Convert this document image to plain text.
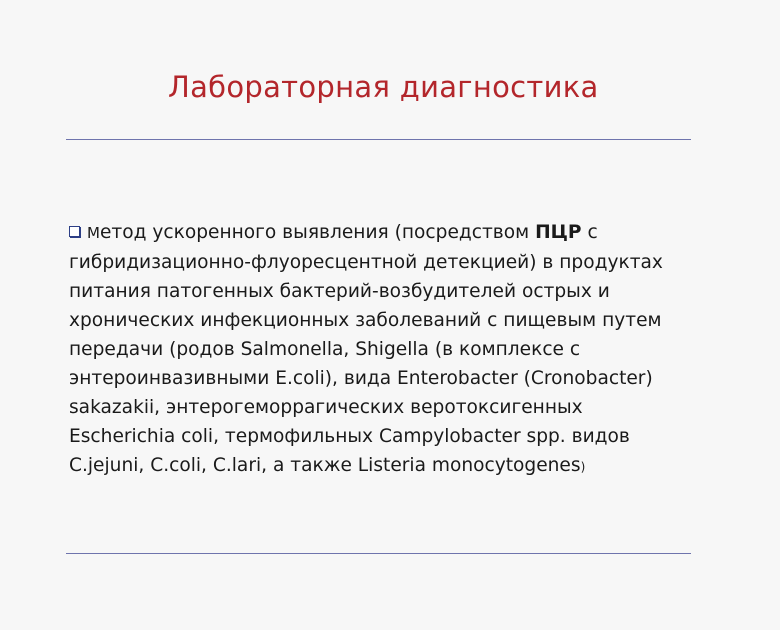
Лабораторная диагностика
Метод ускоренного выявления (посредством ПЦР с
гибридизационно-флуоресцентной детекцией) в продуктах
питания патогенных бактерий-возбудителей острых и
хронических инфекционных заболеваний с пищевым путем
передачи (родов Salmonella, Shigella (в комплексе с
энтероинвазивными E.coli), вида Enterobacter (Cronobacter)
sakazakii, энтерогеморрагических веротоксигенных
Escherichia coli, термофильных Campylobacter spp. видов
C.jejuni, C.coli, C.lari, а также Listeria monocytogenes)
